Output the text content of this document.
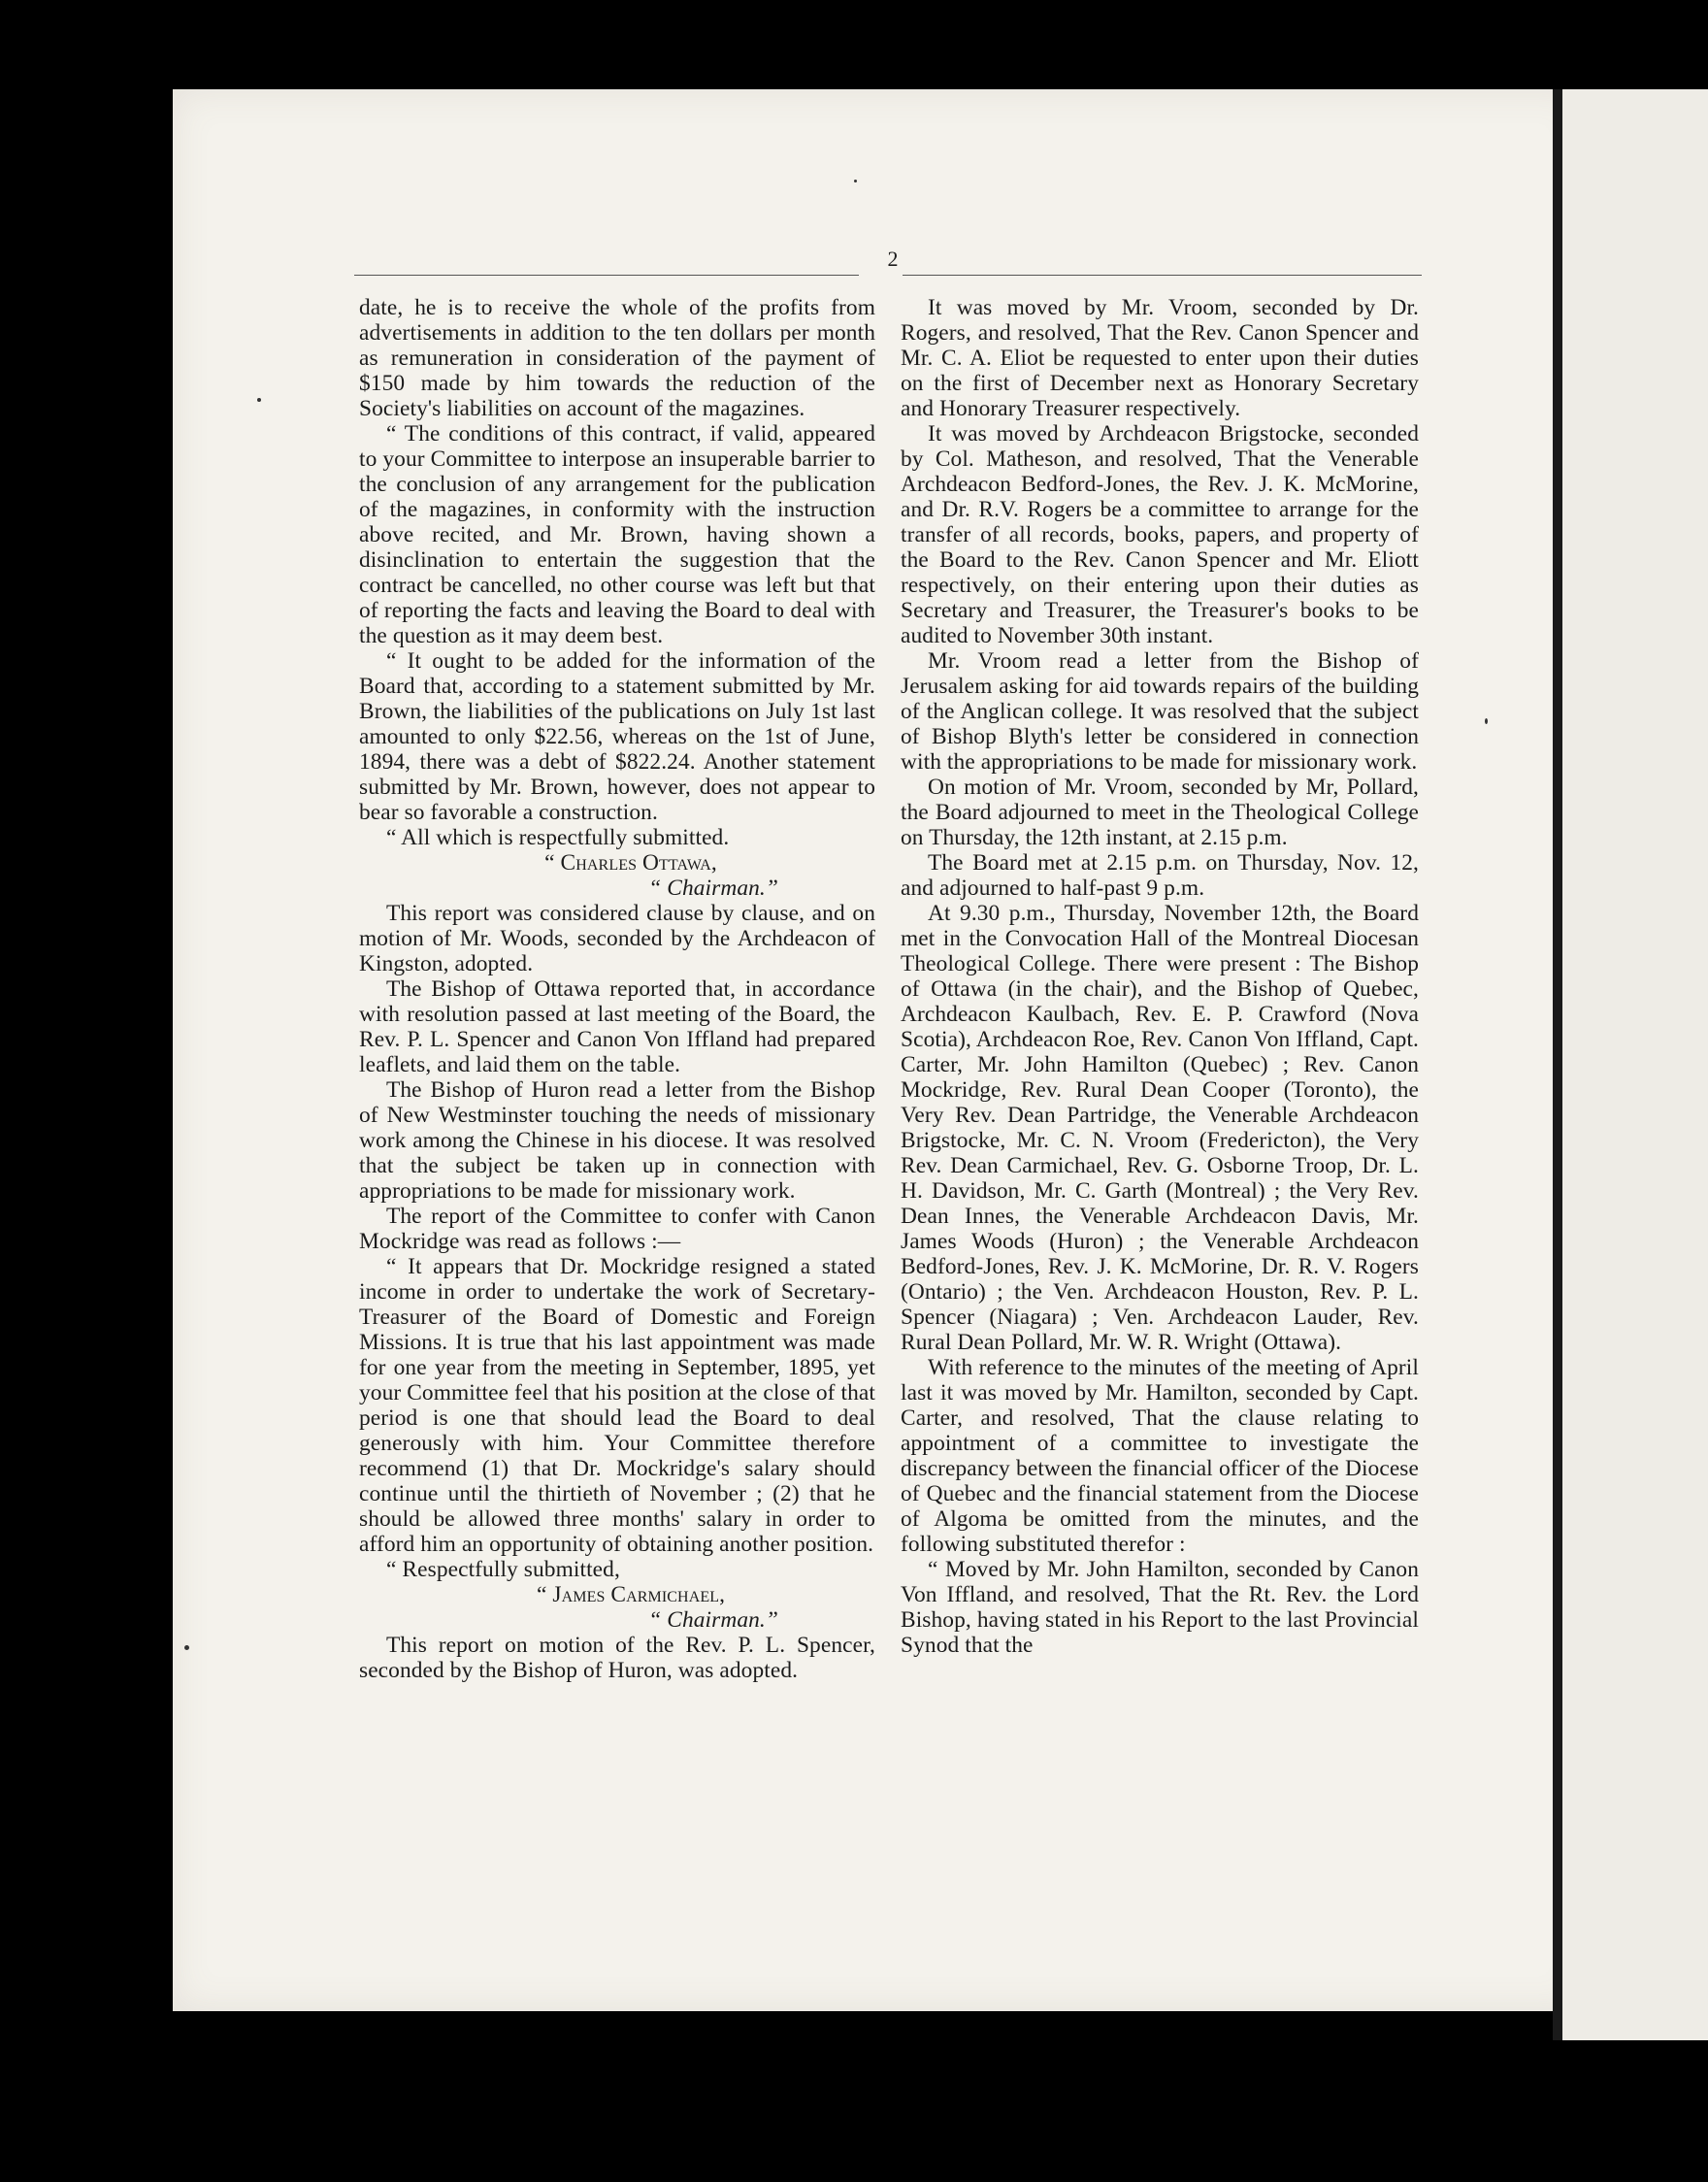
2

date, he is to receive the whole of the profits from advertisements in addition to the ten dollars per month as remuneration in consideration of the payment of $150 made by him towards the reduction of the Society's liabilities on account of the magazines.

“ The conditions of this contract, if valid, appeared to your Committee to interpose an insuperable barrier to the conclusion of any arrangement for the publication of the magazines, in conformity with the instruction above recited, and Mr. Brown, having shown a disinclination to entertain the suggestion that the contract be cancelled, no other course was left but that of reporting the facts and leaving the Board to deal with the question as it may deem best.

“ It ought to be added for the information of the Board that, according to a statement submitted by Mr. Brown, the liabilities of the publications on July 1st last amounted to only $22.56, whereas on the 1st of June, 1894, there was a debt of $822.24. Another statement submitted by Mr. Brown, however, does not appear to bear so favorable a construction.

“ All which is respectfully submitted.

“ Charles Ottawa,

“ Chairman.”

This report was considered clause by clause, and on motion of Mr. Woods, seconded by the Archdeacon of Kingston, adopted.

The Bishop of Ottawa reported that, in accordance with resolution passed at last meeting of the Board, the Rev. P. L. Spencer and Canon Von Iffland had prepared leaflets, and laid them on the table.

The Bishop of Huron read a letter from the Bishop of New Westminster touching the needs of missionary work among the Chinese in his diocese. It was resolved that the subject be taken up in connection with appropriations to be made for missionary work.

The report of the Committee to confer with Canon Mockridge was read as follows :—

“ It appears that Dr. Mockridge resigned a stated income in order to undertake the work of Secretary-Treasurer of the Board of Domestic and Foreign Missions. It is true that his last appointment was made for one year from the meeting in September, 1895, yet your Committee feel that his position at the close of that period is one that should lead the Board to deal generously with him. Your Committee therefore recommend (1) that Dr. Mockridge's salary should continue until the thirtieth of November ; (2) that he should be allowed three months' salary in order to afford him an opportunity of obtaining another position.

“ Respectfully submitted,

“ James Carmichael,

“ Chairman.”

This report on motion of the Rev. P. L. Spencer, seconded by the Bishop of Huron, was adopted.

It was moved by Mr. Vroom, seconded by Dr. Rogers, and resolved, That the Rev. Canon Spencer and Mr. C. A. Eliot be requested to enter upon their duties on the first of December next as Honorary Secretary and Honorary Treasurer respectively.

It was moved by Archdeacon Brigstocke, seconded by Col. Matheson, and resolved, That the Venerable Archdeacon Bedford-Jones, the Rev. J. K. McMorine, and Dr. R.V. Rogers be a committee to arrange for the transfer of all records, books, papers, and property of the Board to the Rev. Canon Spencer and Mr. Eliott respectively, on their entering upon their duties as Secretary and Treasurer, the Treasurer's books to be audited to November 30th instant.

Mr. Vroom read a letter from the Bishop of Jerusalem asking for aid towards repairs of the building of the Anglican college. It was resolved that the subject of Bishop Blyth's letter be considered in connection with the appropriations to be made for missionary work.

On motion of Mr. Vroom, seconded by Mr, Pollard, the Board adjourned to meet in the Theological College on Thursday, the 12th instant, at 2.15 p.m.

The Board met at 2.15 p.m. on Thursday, Nov. 12, and adjourned to half-past 9 p.m.

At 9.30 p.m., Thursday, November 12th, the Board met in the Convocation Hall of the Montreal Diocesan Theological College. There were present : The Bishop of Ottawa (in the chair), and the Bishop of Quebec, Archdeacon Kaulbach, Rev. E. P. Crawford (Nova Scotia), Archdeacon Roe, Rev. Canon Von Iffland, Capt. Carter, Mr. John Hamilton (Quebec) ; Rev. Canon Mockridge, Rev. Rural Dean Cooper (Toronto), the Very Rev. Dean Partridge, the Venerable Archdeacon Brigstocke, Mr. C. N. Vroom (Fredericton), the Very Rev. Dean Carmichael, Rev. G. Osborne Troop, Dr. L. H. Davidson, Mr. C. Garth (Montreal) ; the Very Rev. Dean Innes, the Venerable Archdeacon Davis, Mr. James Woods (Huron) ; the Venerable Archdeacon Bedford-Jones, Rev. J. K. McMorine, Dr. R. V. Rogers (Ontario) ; the Ven. Archdeacon Houston, Rev. P. L. Spencer (Niagara) ; Ven. Archdeacon Lauder, Rev. Rural Dean Pollard, Mr. W. R. Wright (Ottawa).

With reference to the minutes of the meeting of April last it was moved by Mr. Hamilton, seconded by Capt. Carter, and resolved, That the clause relating to appointment of a committee to investigate the discrepancy between the financial officer of the Diocese of Quebec and the financial statement from the Diocese of Algoma be omitted from the minutes, and the following substituted therefor :

“ Moved by Mr. John Hamilton, seconded by Canon Von Iffland, and resolved, That the Rt. Rev. the Lord Bishop, having stated in his Report to the last Provincial Synod that the
